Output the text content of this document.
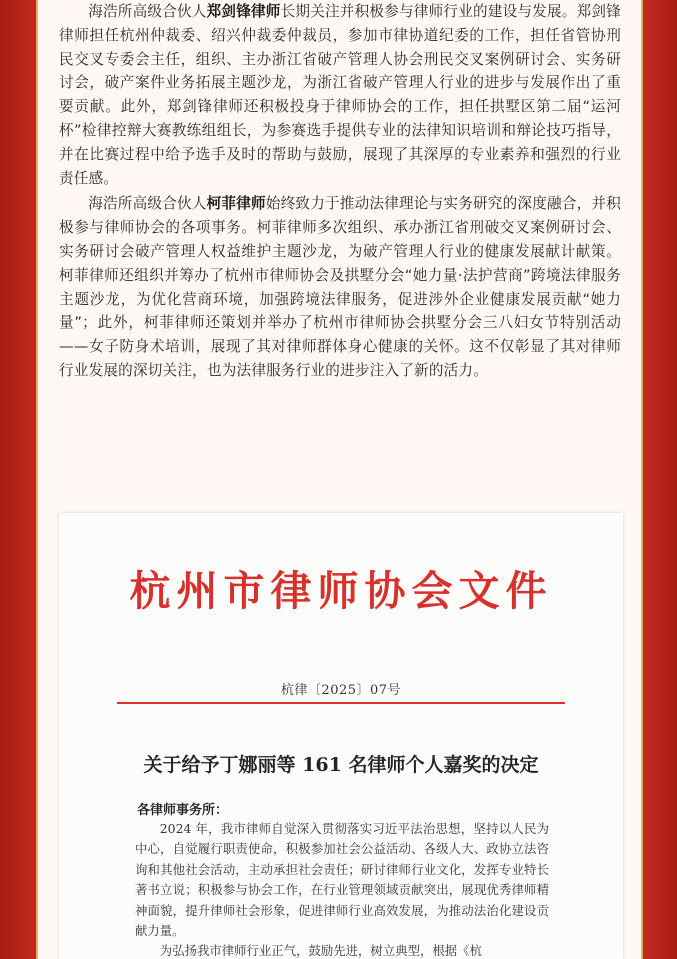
海浩所高级合伙人郑剑锋律师长期关注并积极参与律师行业的建设与发展。郑剑锋律师担任杭州仲裁委、绍兴仲裁委仲裁员，参加市律协道纪委的工作，担任省管协刑民交叉专委会主任，组织、主办浙江省破产管理人协会刑民交叉案例研讨会、实务研讨会，破产案件业务拓展主题沙龙，为浙江省破产管理人行业的进步与发展作出了重要贡献。此外，郑剑锋律师还积极投身于律师协会的工作，担任拱墅区第二届“运河杯”检律控辩大赛教练组组长，为参赛选手提供专业的法律知识培训和辩论技巧指导，并在比赛过程中给予选手及时的帮助与鼓励，展现了其深厚的专业素养和强烈的行业责任感。

海浩所高级合伙人柯菲律师始终致力于推动法律理论与实务研究的深度融合，并积极参与律师协会的各项事务。柯菲律师多次组织、承办浙江省刑破交叉案例研讨会、实务研讨会破产管理人权益维护主题沙龙，为破产管理人行业的健康发展献计献策。柯菲律师还组织并筹办了杭州市律师协会及拱墅分会“她力量·法护营商”跨境法律服务主题沙龙，为优化营商环境，加强跨境法律服务，促进涉外企业健康发展贡献“她力量”；此外，柯菲律师还策划并举办了杭州市律师协会拱墅分会三八妇女节特别活动——女子防身术培训，展现了其对律师群体身心健康的关怀。这不仅彰显了其对律师行业发展的深切关注，也为法律服务行业的进步注入了新的活力。

杭州市律师协会文件
杭律〔2025〕07号
关于给予丁娜丽等 161 名律师个人嘉奖的决定
各律师事务所：

2024 年，我市律师自觉深入贯彻落实习近平法治思想，坚持以人民为中心，自觉履行职责使命，积极参加社会公益活动、各级人大、政协立法咨询和其他社会活动，主动承担社会责任；研讨律师行业文化，发挥专业特长著书立说；积极参与协会工作，在行业管理领域贡献突出，展现优秀律师精神面貌，提升律师社会形象，促进律师行业高效发展，为推动法治化建设贡献力量。

为弘扬我市律师行业正气，鼓励先进，树立典型，根据《杭
